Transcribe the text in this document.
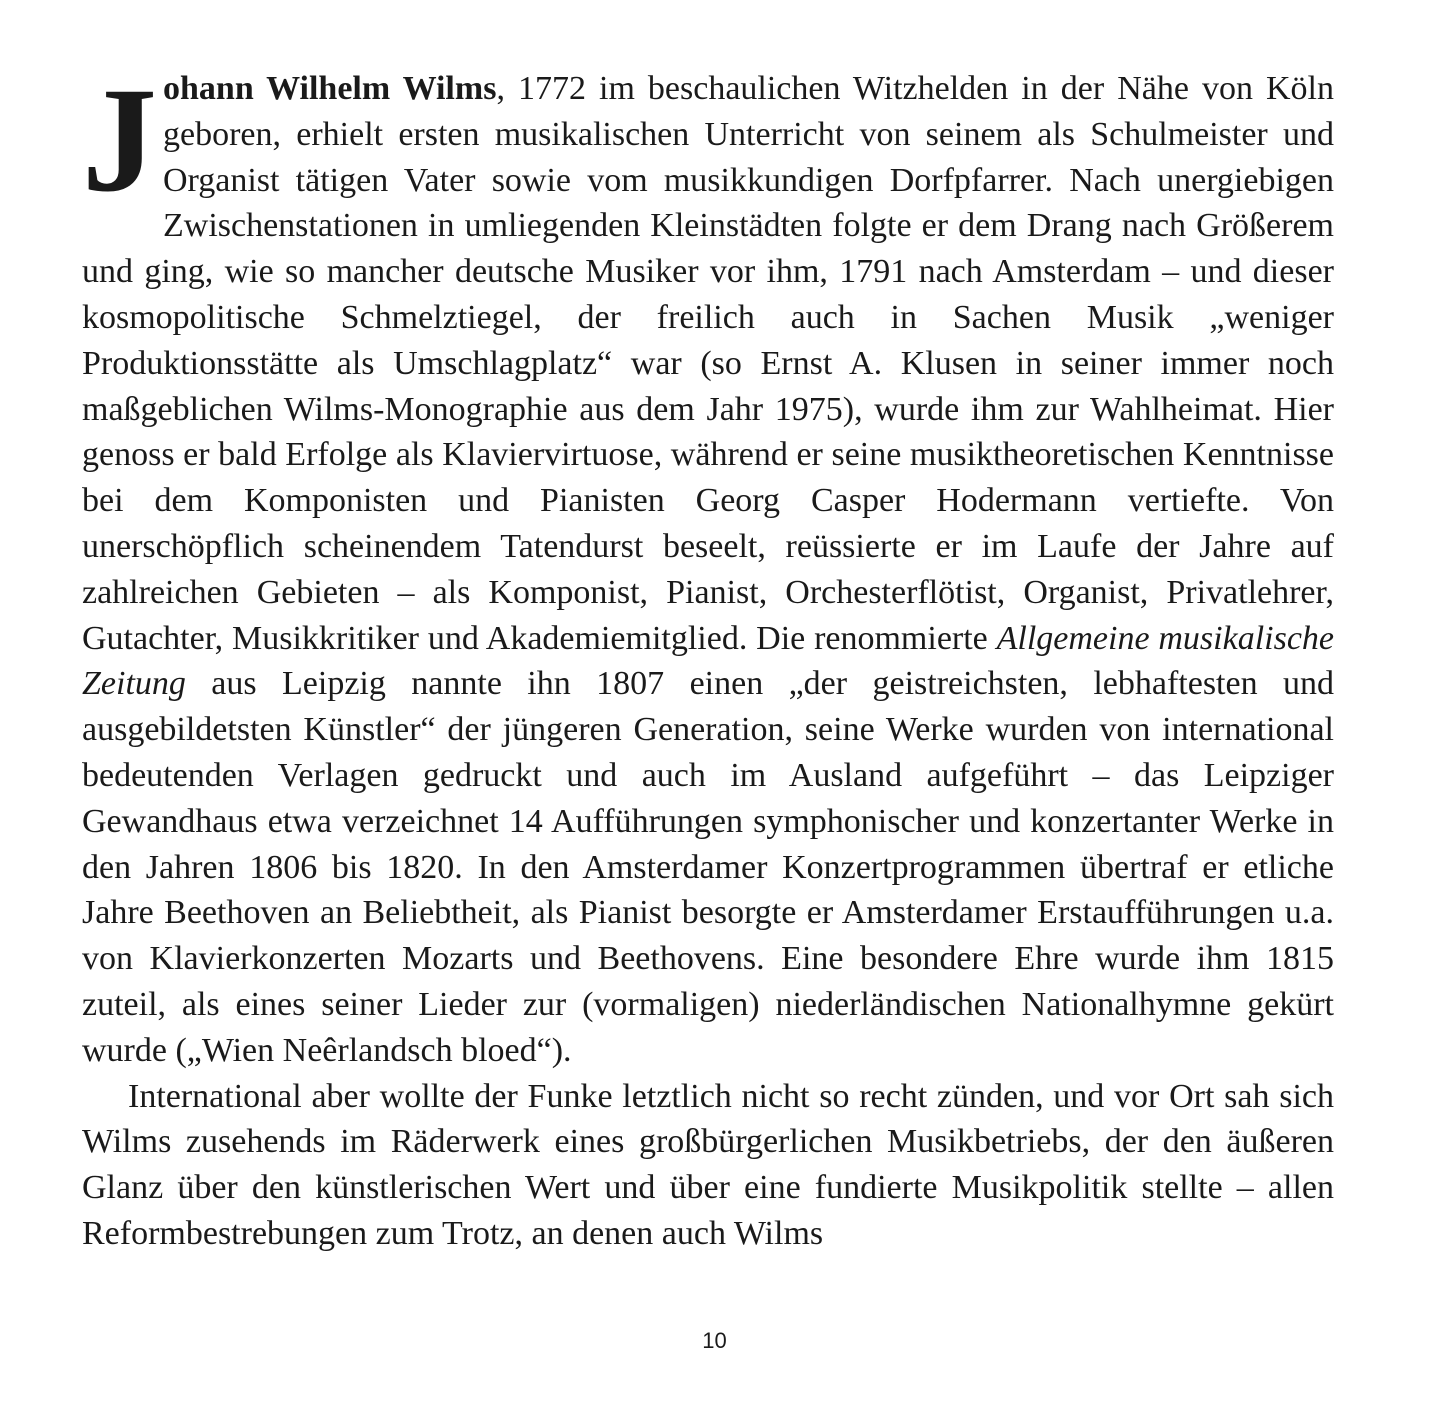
Johann Wilhelm Wilms, 1772 im beschaulichen Witzhelden in der Nähe von Köln geboren, erhielt ersten musikalischen Unterricht von seinem als Schulmeister und Organist tätigen Vater sowie vom musikkundigen Dorfpfarrer. Nach unergiebigen Zwischenstationen in umliegenden Kleinstädten folgte er dem Drang nach Größerem und ging, wie so mancher deutsche Musiker vor ihm, 1791 nach Amsterdam – und dieser kosmopolitische Schmelztiegel, der freilich auch in Sachen Musik „weniger Produktionsstätte als Umschlagplatz“ war (so Ernst A. Klusen in seiner immer noch maßgeblichen Wilms-Monographie aus dem Jahr 1975), wurde ihm zur Wahlheimat. Hier genoss er bald Erfolge als Klaviervirtuose, während er seine musiktheoretischen Kenntnisse bei dem Komponisten und Pianisten Georg Casper Hodermann vertiefte. Von unerschöpflich scheinendem Tatendurst beseelt, reüssierte er im Laufe der Jahre auf zahlreichen Gebieten – als Komponist, Pianist, Orchesterflötist, Organist, Privatlehrer, Gutachter, Musikkritiker und Akademiemitglied. Die renommierte Allgemeine musikalische Zeitung aus Leipzig nannte ihn 1807 einen „der geistreichsten, lebhaftesten und ausgebildetsten Künstler“ der jüngeren Generation, seine Werke wurden von international bedeutenden Verlagen gedruckt und auch im Ausland aufgeführt – das Leipziger Gewandhaus etwa verzeichnet 14 Aufführungen symphonischer und konzertanter Werke in den Jahren 1806 bis 1820. In den Amsterdamer Konzertprogrammen übertraf er etliche Jahre Beethoven an Beliebtheit, als Pianist besorgte er Amsterdamer Erstaufführungen u.a. von Klavierkonzerten Mozarts und Beethovens. Eine besondere Ehre wurde ihm 1815 zuteil, als eines seiner Lieder zur (vormaligen) niederländischen Nationalhymne gekürt wurde („Wien Neêrlandsch bloed“).

International aber wollte der Funke letztlich nicht so recht zünden, und vor Ort sah sich Wilms zusehends im Räderwerk eines großbürgerlichen Musikbetriebs, der den äußeren Glanz über den künstlerischen Wert und über eine fundierte Musikpolitik stellte – allen Reformbestrebungen zum Trotz, an denen auch Wilms

10
